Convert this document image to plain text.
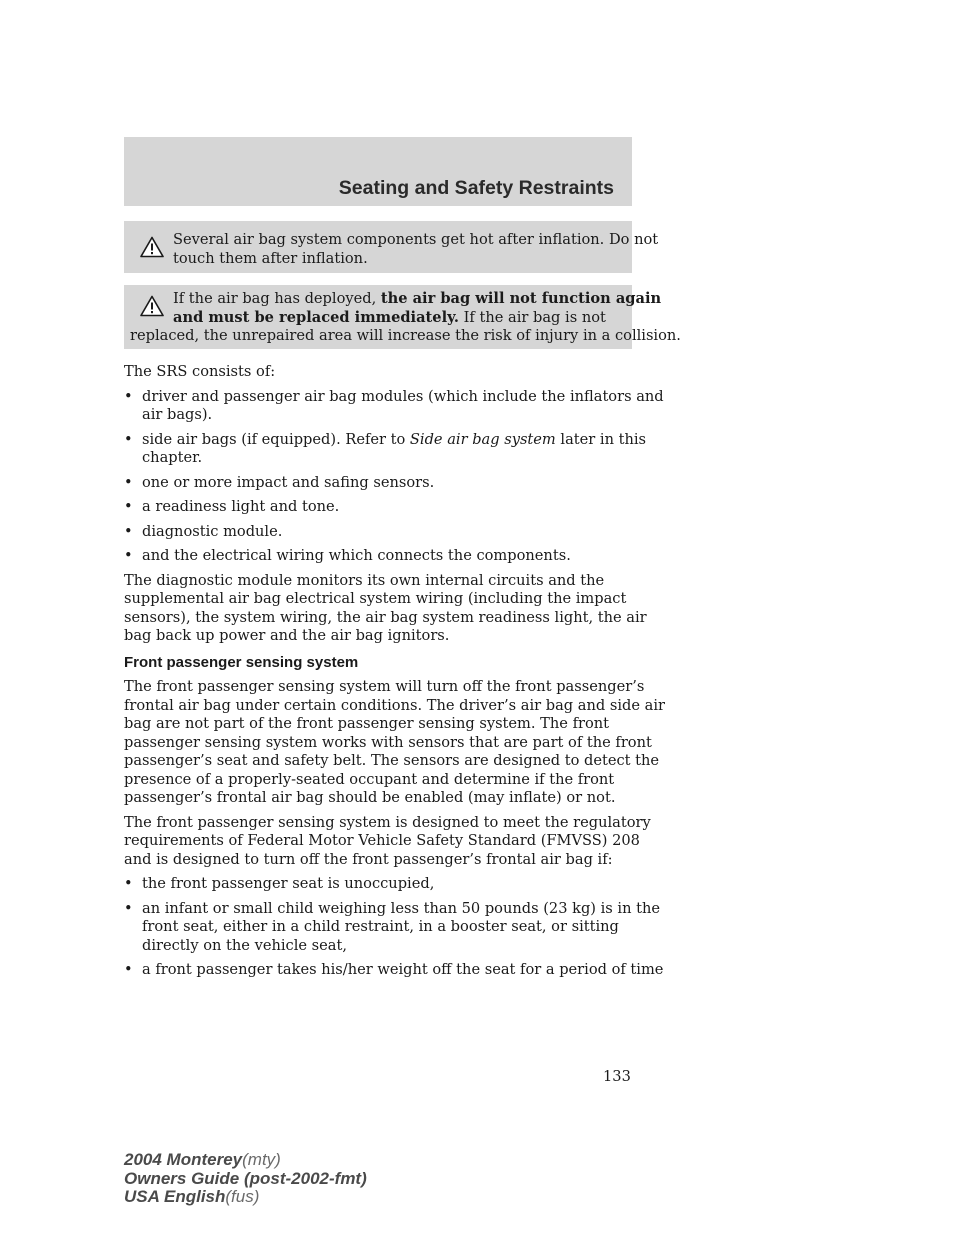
Seating and Safety Restraints
Several air bag system components get hot after inflation. Do not
touch them after inflation.
If the air bag has deployed, the air bag will not function again
and must be replaced immediately. If the air bag is not
replaced, the unrepaired area will increase the risk of injury in a collision.
The SRS consists of:
• driver and passenger air bag modules (which include the inflators and
air bags).
• side air bags (if equipped). Refer to Side air bag system later in this
chapter.
• one or more impact and safing sensors.
• a readiness light and tone.
• diagnostic module.
• and the electrical wiring which connects the components.
The diagnostic module monitors its own internal circuits and the
supplemental air bag electrical system wiring (including the impact
sensors), the system wiring, the air bag system readiness light, the air
bag back up power and the air bag ignitors.
Front passenger sensing system
The front passenger sensing system will turn off the front passenger’s
frontal air bag under certain conditions. The driver’s air bag and side air
bag are not part of the front passenger sensing system. The front
passenger sensing system works with sensors that are part of the front
passenger’s seat and safety belt. The sensors are designed to detect the
presence of a properly-seated occupant and determine if the front
passenger’s frontal air bag should be enabled (may inflate) or not.
The front passenger sensing system is designed to meet the regulatory
requirements of Federal Motor Vehicle Safety Standard (FMVSS) 208
and is designed to turn off the front passenger’s frontal air bag if:
• the front passenger seat is unoccupied,
• an infant or small child weighing less than 50 pounds (23 kg) is in the
front seat, either in a child restraint, in a booster seat, or sitting
directly on the vehicle seat,
• a front passenger takes his/her weight off the seat for a period of time
133
2004 Monterey(mty)
Owners Guide (post-2002-fmt)
USA English(fus)
